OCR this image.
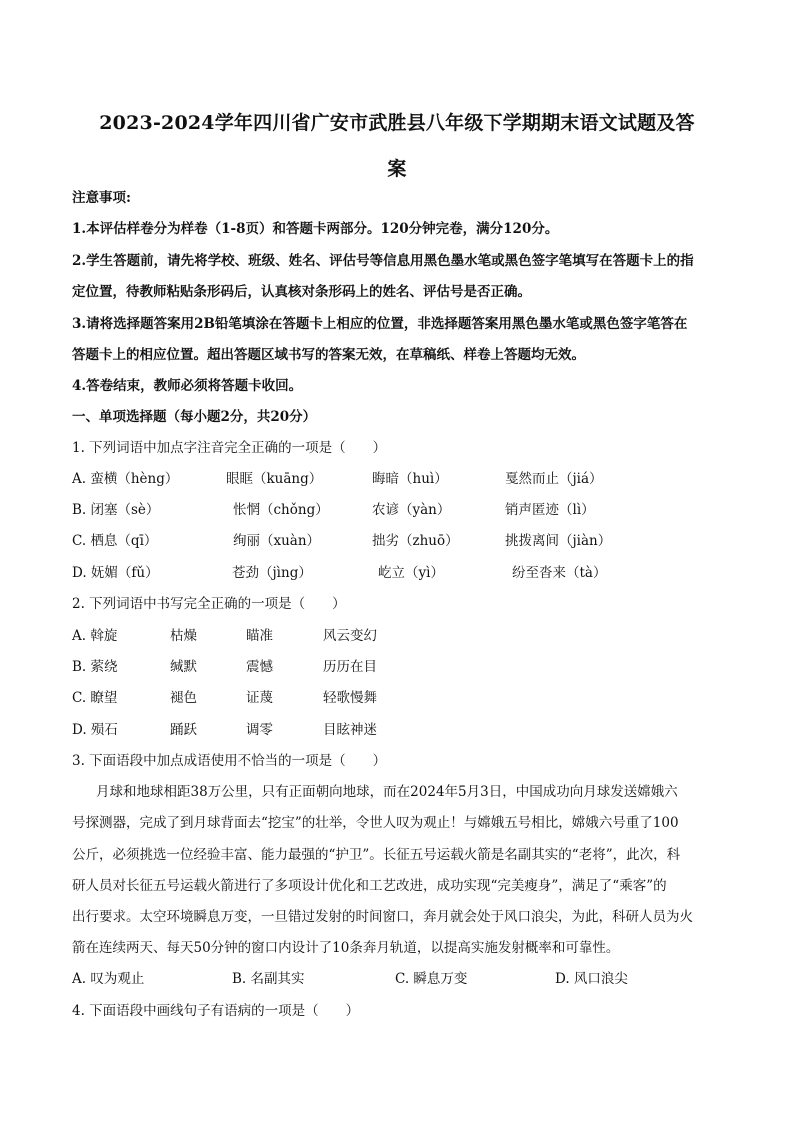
2023-2024学年四川省广安市武胜县八年级下学期期末语文试题及答
案
注意事项:
1.本评估样卷分为样卷（1-8页）和答题卡两部分。120分钟完卷，满分120分。
2.学生答题前，请先将学校、班级、姓名、评估号等信息用黑色墨水笔或黑色签字笔填写在答题卡上的指
定位置，待教师粘贴条形码后，认真核对条形码上的姓名、评估号是否正确。
3.请将选择题答案用2B铅笔填涂在答题卡上相应的位置，非选择题答案用黑色墨水笔或黑色签字笔答在
答题卡上的相应位置。超出答题区域书写的答案无效，在草稿纸、样卷上答题均无效。
4.答卷结束，教师必须将答题卡收回。
一、单项选择题（每小题2分，共20分）
1. 下列词语中加点字注音完全正确的一项是（　　）
A. 蛮横（hèng）	眼眶（kuāng）	晦暗（huì）	戛然而止（jiá）
B. 闭塞（sè）	怅惘（chǒng）	农谚（yàn）	销声匿迹（lì）
C. 栖息（qī）	绚丽（xuàn）	拙劣（zhuō）	挑拨离间（jiàn）
D. 妩媚（fǔ）	苍劲（jìng）	屹立（yì）	纷至沓来（tà）
2. 下列词语中书写完全正确的一项是（　　）
A. 斡旋	枯燥	瞄准	风云变幻
B. 萦绕	缄默	震憾	历历在目
C. 瞭望	褪色	证蔑	轻歌慢舞
D. 殒石	踊跃	调零	目眩神迷
3. 下面语段中加点成语使用不恰当的一项是（　　）
月球和地球相距38万公里，只有正面朝向地球，而在2024年5月3日，中国成功向月球发送嫦娥六
号探测器，完成了到月球背面去“挖宝”的壮举，令世人叹为观止！与嫦娥五号相比，嫦娥六号重了100
公斤，必须挑选一位经验丰富、能力最强的“护卫”。长征五号运载火箭是名副其实的“老将”，此次，科
研人员对长征五号运载火箭进行了多项设计优化和工艺改进，成功实现“完美瘦身”，满足了“乘客”的
出行要求。太空环境瞬息万变，一旦错过发射的时间窗口，奔月就会处于风口浪尖，为此，科研人员为火
箭在连续两天、每天50分钟的窗口内设计了10条奔月轨道，以提高实施发射概率和可靠性。
A. 叹为观止	B. 名副其实	C. 瞬息万变	D. 风口浪尖
4. 下面语段中画线句子有语病的一项是（　　）
